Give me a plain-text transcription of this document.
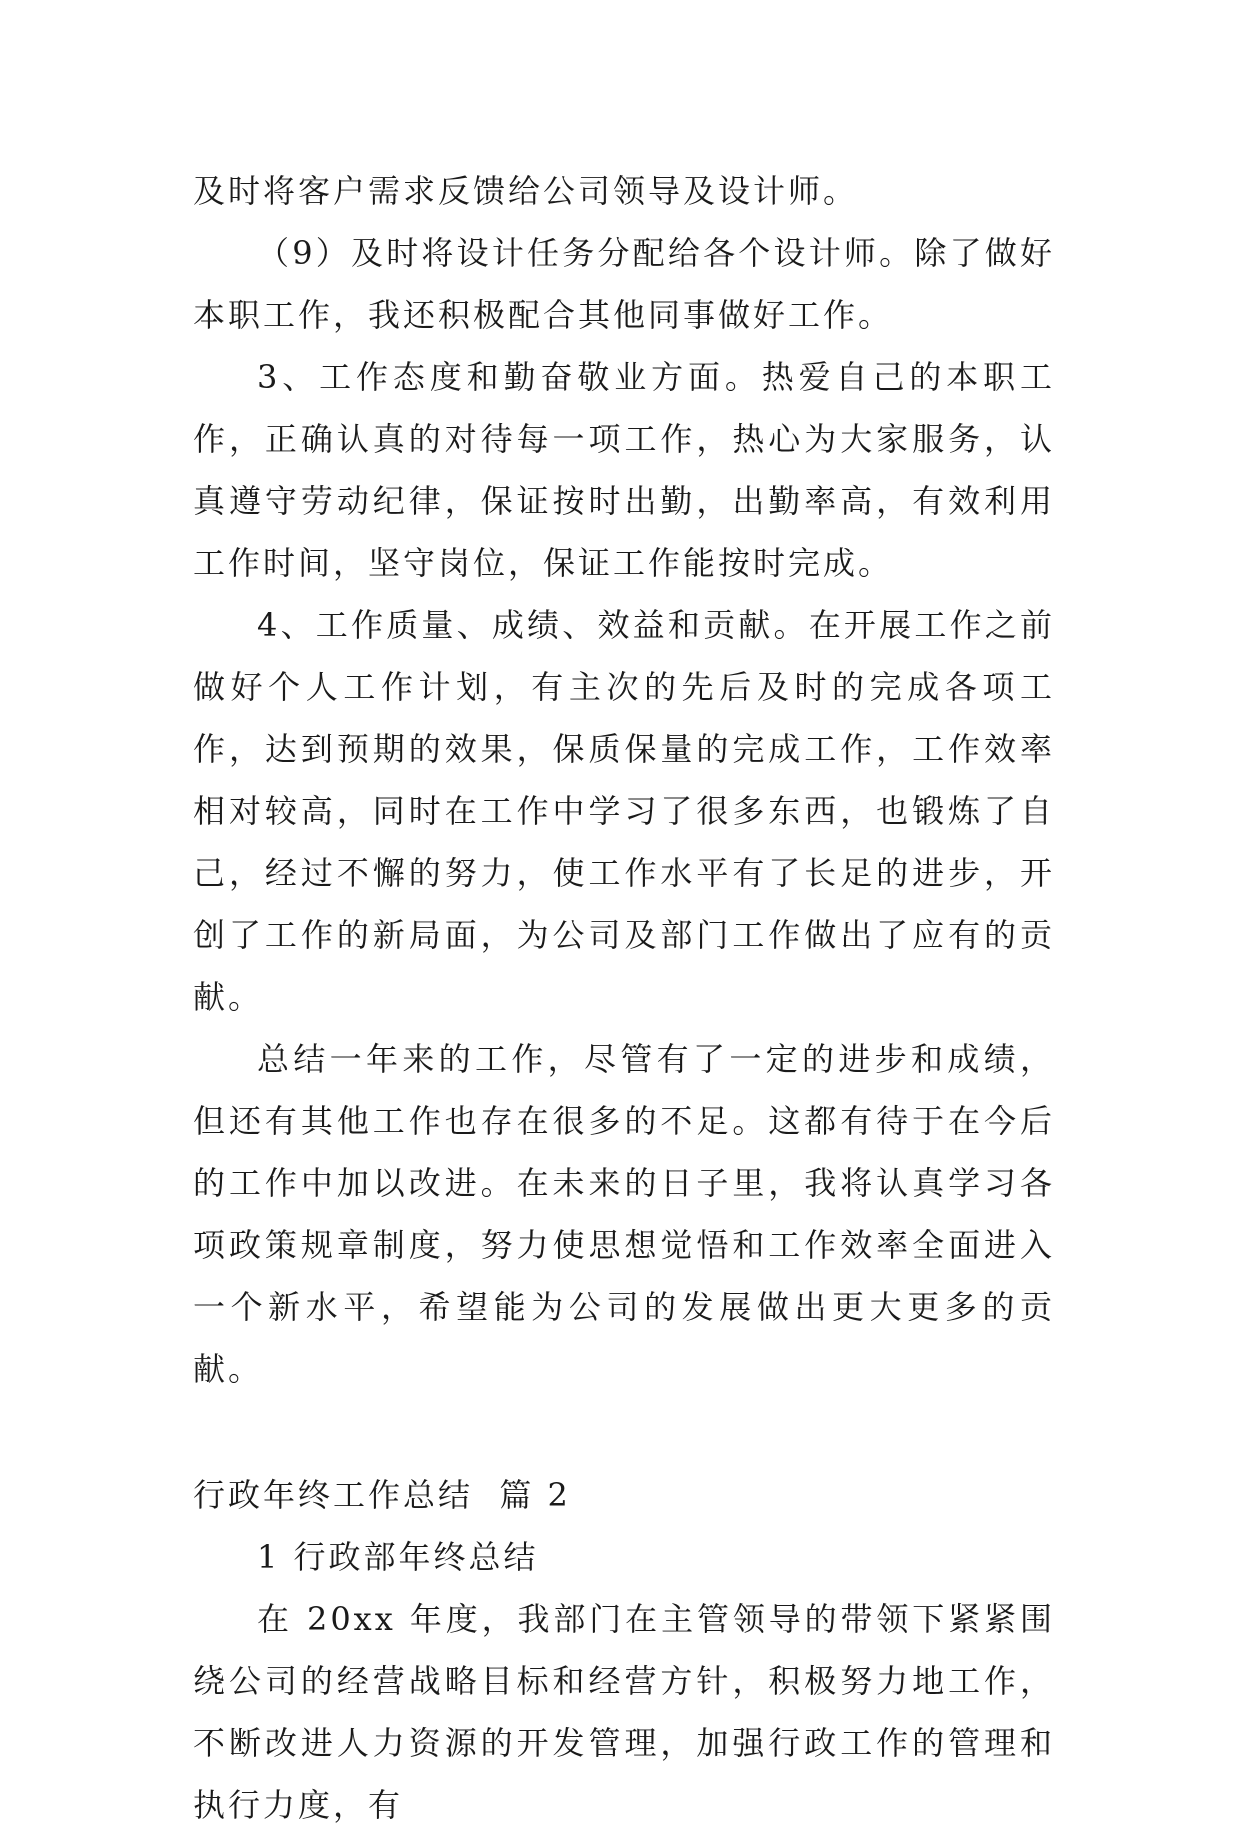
及时将客户需求反馈给公司领导及设计师。

（9）及时将设计任务分配给各个设计师。除了做好本职工作，我还积极配合其他同事做好工作。

3、工作态度和勤奋敬业方面。热爱自己的本职工作，正确认真的对待每一项工作，热心为大家服务，认真遵守劳动纪律，保证按时出勤，出勤率高，有效利用工作时间，坚守岗位，保证工作能按时完成。

4、工作质量、成绩、效益和贡献。在开展工作之前做好个人工作计划，有主次的先后及时的完成各项工作，达到预期的效果，保质保量的完成工作，工作效率相对较高，同时在工作中学习了很多东西，也锻炼了自己，经过不懈的努力，使工作水平有了长足的进步，开创了工作的新局面，为公司及部门工作做出了应有的贡献。

总结一年来的工作，尽管有了一定的进步和成绩，但还有其他工作也存在很多的不足。这都有待于在今后的工作中加以改进。在未来的日子里，我将认真学习各项政策规章制度，努力使思想觉悟和工作效率全面进入一个新水平，希望能为公司的发展做出更大更多的贡献。

行政年终工作总结  篇 2

1 行政部年终总结

在 20xx 年度，我部门在主管领导的带领下紧紧围绕公司的经营战略目标和经营方针，积极努力地工作，不断改进人力资源的开发管理，加强行政工作的管理和执行力度，有
